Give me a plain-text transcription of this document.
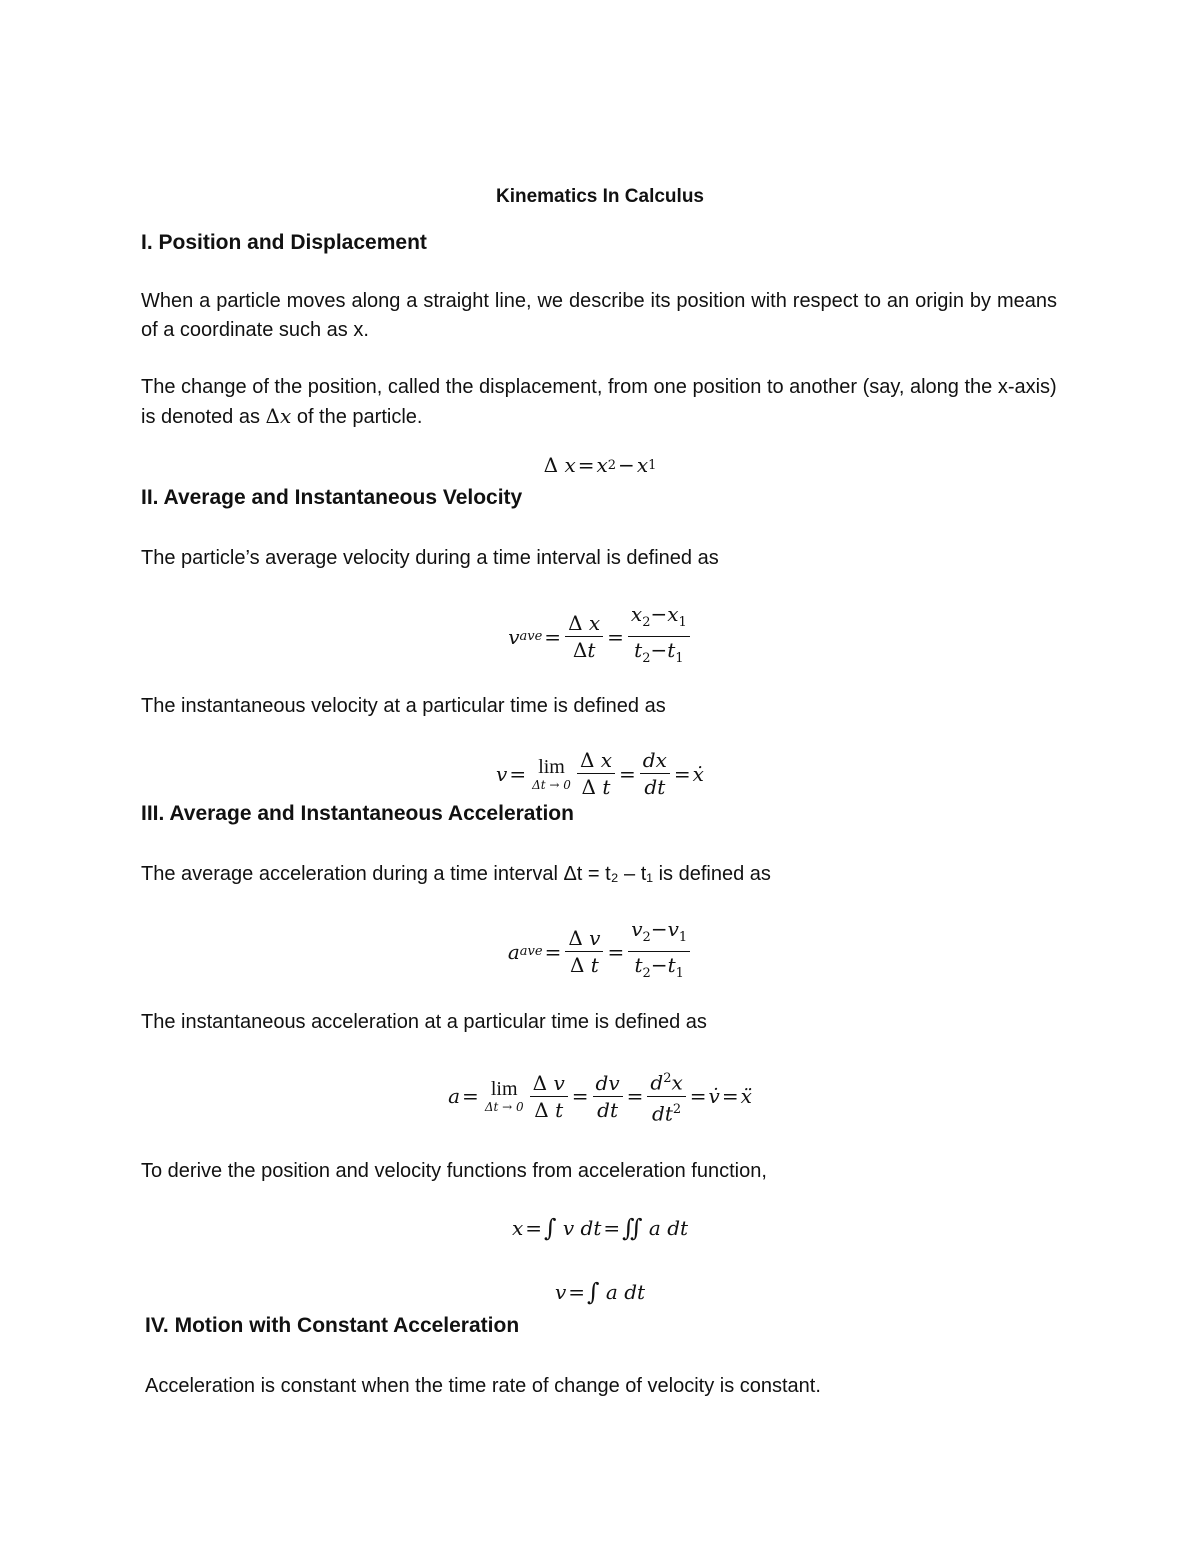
Kinematics In Calculus
I. Position and Displacement
When a particle moves along a straight line, we describe its position with respect to an origin by means of a coordinate such as x.
The change of the position, called the displacement, from one position to another (say, along the x-axis) is denoted as Δx of the particle.
Δ
x = x 2 − x 1
II. Average and Instantaneous Velocity
The particle’s average velocity during a time interval is defined as
v ave = $\frac{\text{Δ x}}{\Delta t} = \frac{x_2-x_1}{t_2-t_1}$
The instantaneous velocity at a particular time is defined as
v = lim
$\Delta t \to 0 \frac{\text{Δ x}}{\text{Δ t}} = \frac{dx}{dt}$ = ẋ
III. Average and Instantaneous Acceleration
The average acceleration during a time interval Δt = t₂ – t₁ is defined as
a ave = $\frac{\text{Δ v}}{\text{Δ t}} = \frac{v_2-v_1}{t_2-t_1}$
The instantaneous acceleration at a particular time is defined as
a = lim
$\Delta t \to 0 \frac{\text{Δ v}}{\text{Δ t}} = \frac{dv}{dt} = \frac{d^2x}{dt^2}$ = v̇ = ẍ
To derive the position and velocity functions from acceleration function,
x = ∫
v dt = ∬
a dt
v = ∫
a dt
IV. Motion with Constant Acceleration
Acceleration is constant when the time rate of change of velocity is constant.
